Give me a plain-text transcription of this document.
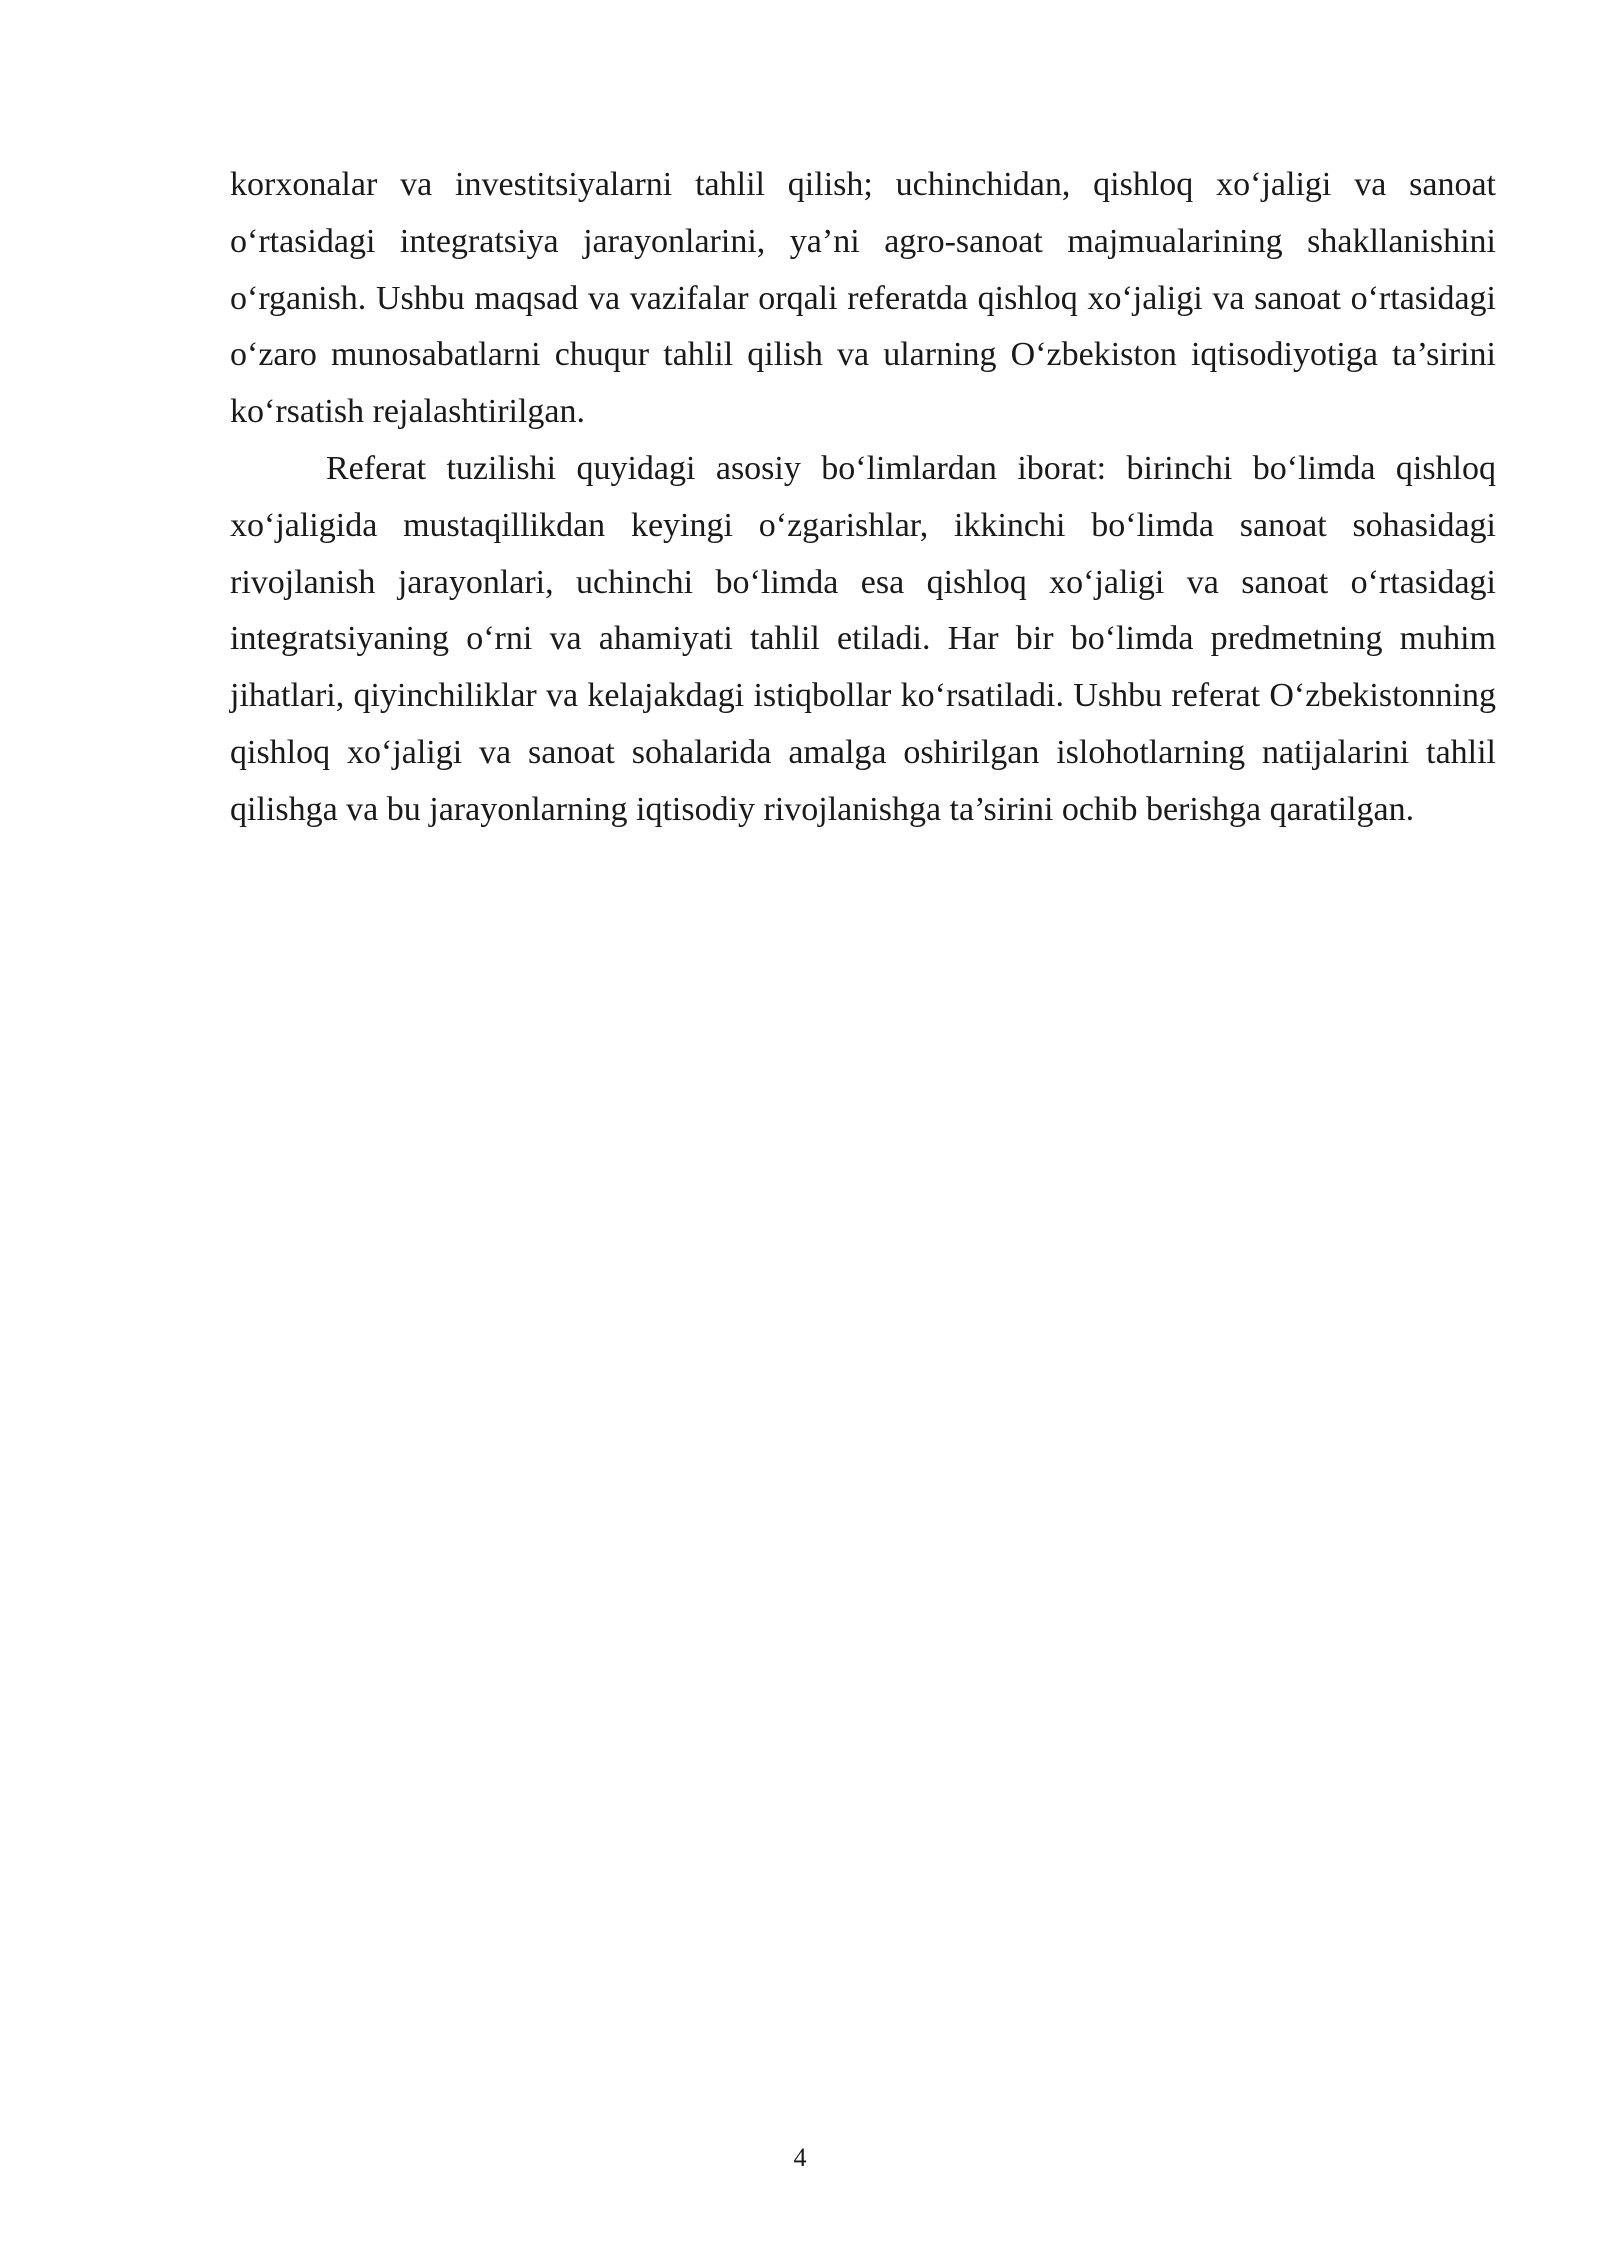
korxonalar va investitsiyalarni tahlil qilish; uchinchidan, qishloq xo‘jaligi va sanoat o‘rtasidagi integratsiya jarayonlarini, ya’ni agro-sanoat majmualarining shakllanishini o‘rganish. Ushbu maqsad va vazifalar orqali referatda qishloq xo‘jaligi va sanoat o‘rtasidagi o‘zaro munosabatlarni chuqur tahlil qilish va ularning O‘zbekiston iqtisodiyotiga ta’sirini ko‘rsatish rejalashtirilgan.

Referat tuzilishi quyidagi asosiy bo‘limlardan iborat: birinchi bo‘limda qishloq xo‘jaligida mustaqillikdan keyingi o‘zgarishlar, ikkinchi bo‘limda sanoat sohasidagi rivojlanish jarayonlari, uchinchi bo‘limda esa qishloq xo‘jaligi va sanoat o‘rtasidagi integratsiyaning o‘rni va ahamiyati tahlil etiladi. Har bir bo‘limda predmetning muhim jihatlari, qiyinchiliklar va kelajakdagi istiqbollar ko‘rsatiladi. Ushbu referat O‘zbekistonning qishloq xo‘jaligi va sanoat sohalarida amalga oshirilgan islohotlarning natijalarini tahlil qilishga va bu jarayonlarning iqtisodiy rivojlanishga ta’sirini ochib berishga qaratilgan.

4
